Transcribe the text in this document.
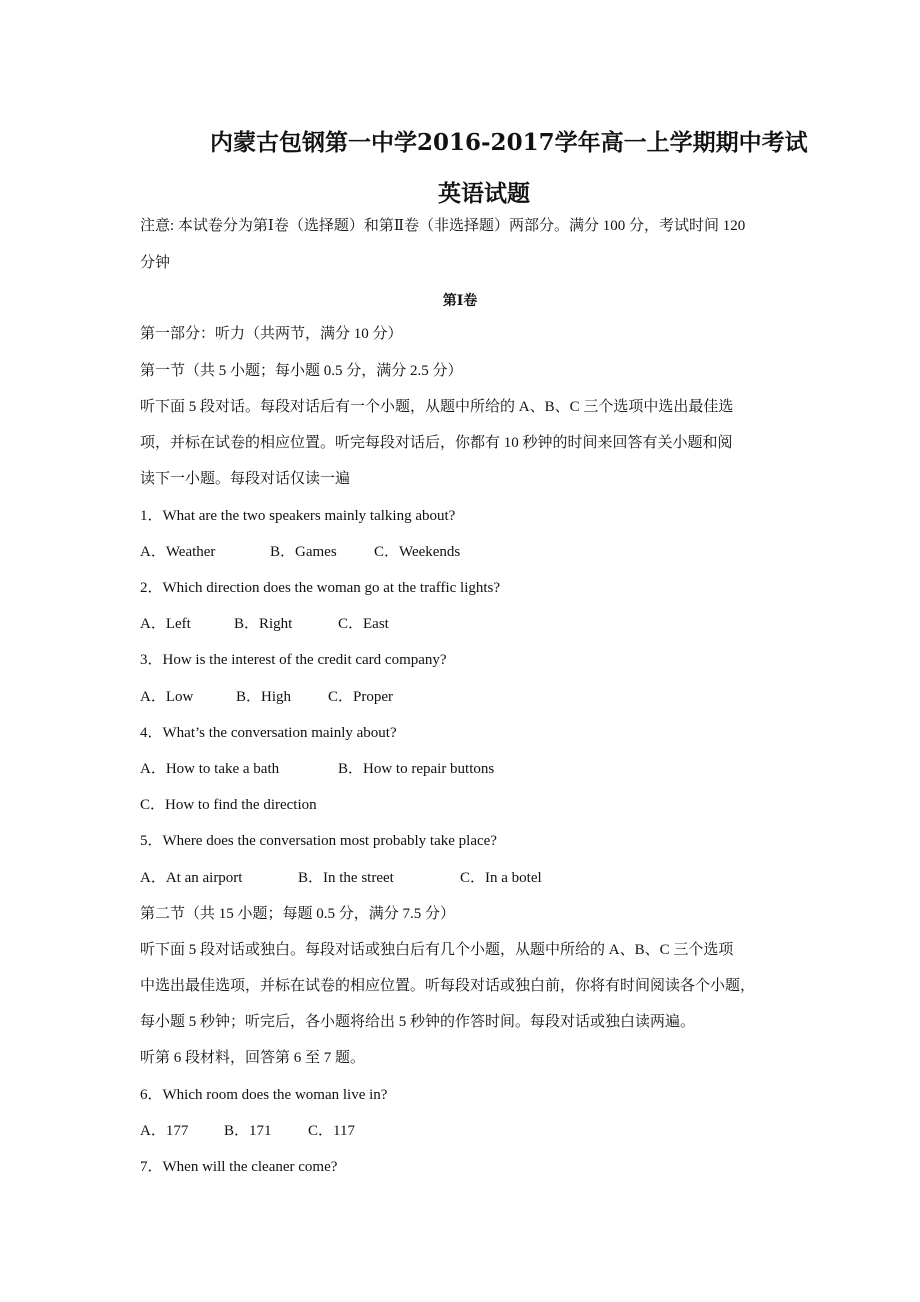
内蒙古包钢第一中学2016-2017学年高一上学期期中考试
英语试题
注意: 本试卷分为第Ⅰ卷（选择题）和第Ⅱ卷（非选择题）两部分。满分 100 分，考试时间 120
分钟
第Ⅰ卷
第一部分：听力（共两节，满分 10 分）
第一节（共 5 小题；每小题 0.5 分，满分 2.5 分）
听下面 5 段对话。每段对话后有一个小题，从题中所给的 A、B、C 三个选项中选出最佳选
项，并标在试卷的相应位置。听完每段对话后，你都有 10 秒钟的时间来回答有关小题和阅
读下一小题。每段对话仅读一遍
1．What are the two speakers mainly talking about?
A．Weather	B．Games C．Weekends
2．Which direction does the woman go at the traffic lights?
A．Left	B．Right	C．East
3．How is the interest of the credit card company?
A．Low	B．High C．Proper
4．What’s the conversation mainly about?
A．How to take a bath	B．How to repair buttons
C．How to find the direction
5．Where does the conversation most probably take place?
A．At an airport	B．In the street	C．In a botel
第二节（共 15 小题；每题 0.5 分，满分 7.5 分）
听下面 5 段对话或独白。每段对话或独白后有几个小题，从题中所给的 A、B、C 三个选项
中选出最佳选项，并标在试卷的相应位置。听每段对话或独白前，你将有时间阅读各个小题，
每小题 5 秒钟；听完后，各小题将给出 5 秒钟的作答时间。每段对话或独白读两遍。
听第 6 段材料，回答第 6 至 7 题。
6．Which room does the woman live in?
A．177 B．171 C．117
7．When will the cleaner come?
